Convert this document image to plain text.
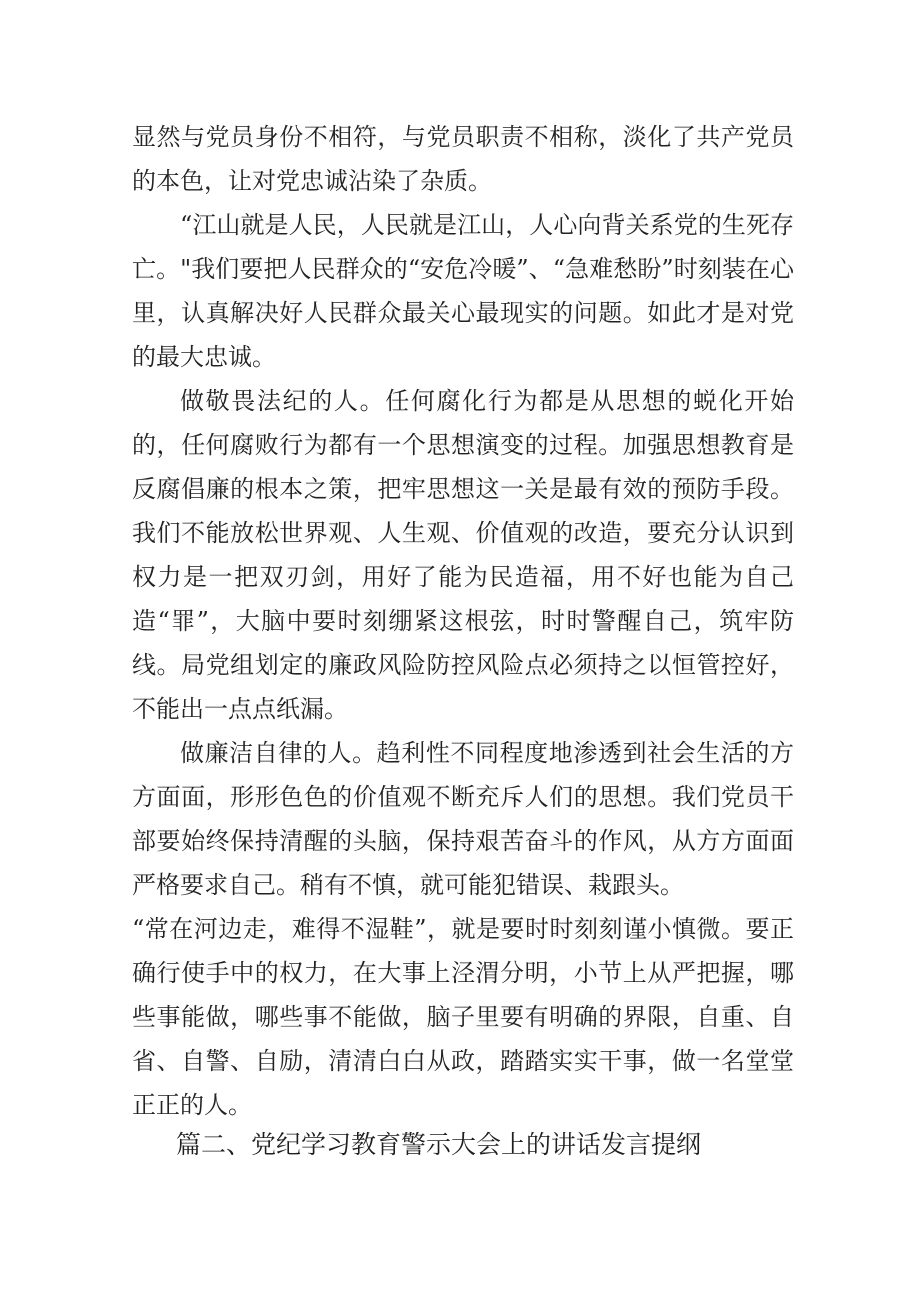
显然与党员身份不相符，与党员职责不相称，淡化了共产党员的本色，让对党忠诚沾染了杂质。

“江山就是人民，人民就是江山，人心向背关系党的生死存亡。"我们要把人民群众的“安危冷暖”、“急难愁盼”时刻装在心里，认真解决好人民群众最关心最现实的问题。如此才是对党的最大忠诚。

做敬畏法纪的人。任何腐化行为都是从思想的蜕化开始的，任何腐败行为都有一个思想演变的过程。加强思想教育是反腐倡廉的根本之策，把牢思想这一关是最有效的预防手段。我们不能放松世界观、人生观、价值观的改造，要充分认识到权力是一把双刃剑，用好了能为民造福，用不好也能为自己造“罪”，大脑中要时刻绷紧这根弦，时时警醒自己，筑牢防线。局党组划定的廉政风险防控风险点必须持之以恒管控好，不能出一点点纸漏。

做廉洁自律的人。趋利性不同程度地渗透到社会生活的方方面面，形形色色的价值观不断充斥人们的思想。我们党员干部要始终保持清醒的头脑，保持艰苦奋斗的作风，从方方面面严格要求自己。稍有不慎，就可能犯错误、栽跟头。

“常在河边走，难得不湿鞋”，就是要时时刻刻谨小慎微。要正确行使手中的权力，在大事上泾渭分明，小节上从严把握，哪些事能做，哪些事不能做，脑子里要有明确的界限，自重、自省、自警、自励，清清白白从政，踏踏实实干事，做一名堂堂正正的人。

篇二、党纪学习教育警示大会上的讲话发言提纲
